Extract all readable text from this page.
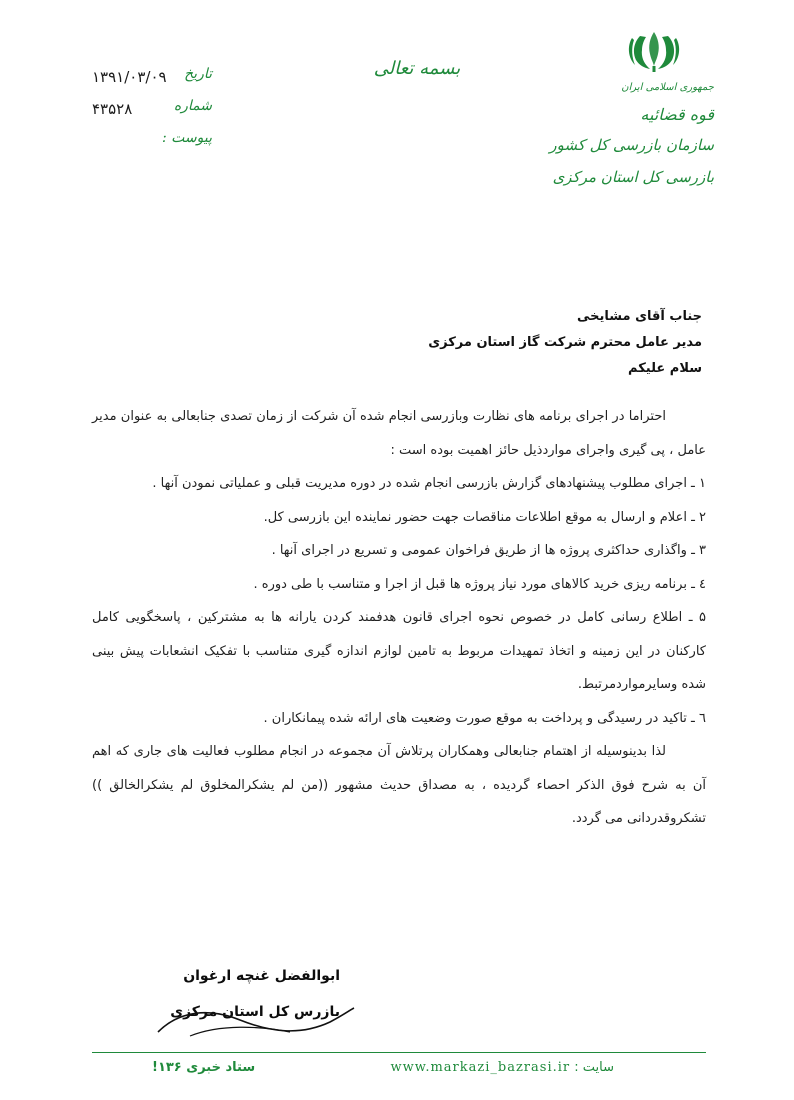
جمهوری اسلامی ایران
قوه قضائیه
سازمان بازرسی کل کشور
بازرسی کل استان مرکزی
بسمه تعالی
تاریخ
۱۳۹۱/۰۳/۰۹
شماره
۴۳۵۲۸
پیوست :
جناب آقای مشایخی
مدیر عامل محترم شرکت گاز استان مرکزی
سلام علیکم

احتراما در اجرای برنامه های نظارت وبازرسی انجام شده آن شرکت از زمان تصدی جنابعالی به عنوان مدیر عامل ، پی گیری واجرای مواردذیل حائز اهمیت بوده است :

۱ ـ اجرای مطلوب پیشنهادهای گزارش بازرسی انجام شده در دوره مدیریت قبلی و عملیاتی نمودن آنها .
۲ ـ اعلام و ارسال به موقع اطلاعات مناقصات جهت حضور نماینده این بازرسی کل.
۳ ـ واگذاری حداکثری پروژه ها از طریق فراخوان عمومی و تسریع در اجرای آنها .
٤ ـ برنامه ریزی خرید کالاهای مورد نیاز پروژه ها قبل از اجرا و متناسب با طی دوره .
۵ ـ اطلاع رسانی کامل در خصوص نحوه اجرای قانون هدفمند کردن یارانه ها به مشترکین ، پاسخگویی کامل کارکنان در این زمینه و اتخاذ تمهیدات مربوط به تامین لوازم اندازه گیری متناسب با تفکیک انشعابات پیش بینی شده وسایرمواردمرتبط.
٦ ـ تاکید در رسیدگی و پرداخت به موقع صورت وضعیت های ارائه شده پیمانکاران .

لذا بدینوسیله از اهتمام جنابعالی وهمکاران پرتلاش آن مجموعه در انجام مطلوب فعالیت های جاری که اهم آن به شرح فوق الذکر احصاء گردیده ، به مصداق حدیث مشهور ((من لم یشکرالمخلوق لم یشکرالخالق )) تشکروقدردانی می گردد.

ابوالفضل غنچه ارغوان
بازرس کل استان مرکزی
سایت : www.markazi_bazrasi.ir
ستاد خبری ۱۳۶!
